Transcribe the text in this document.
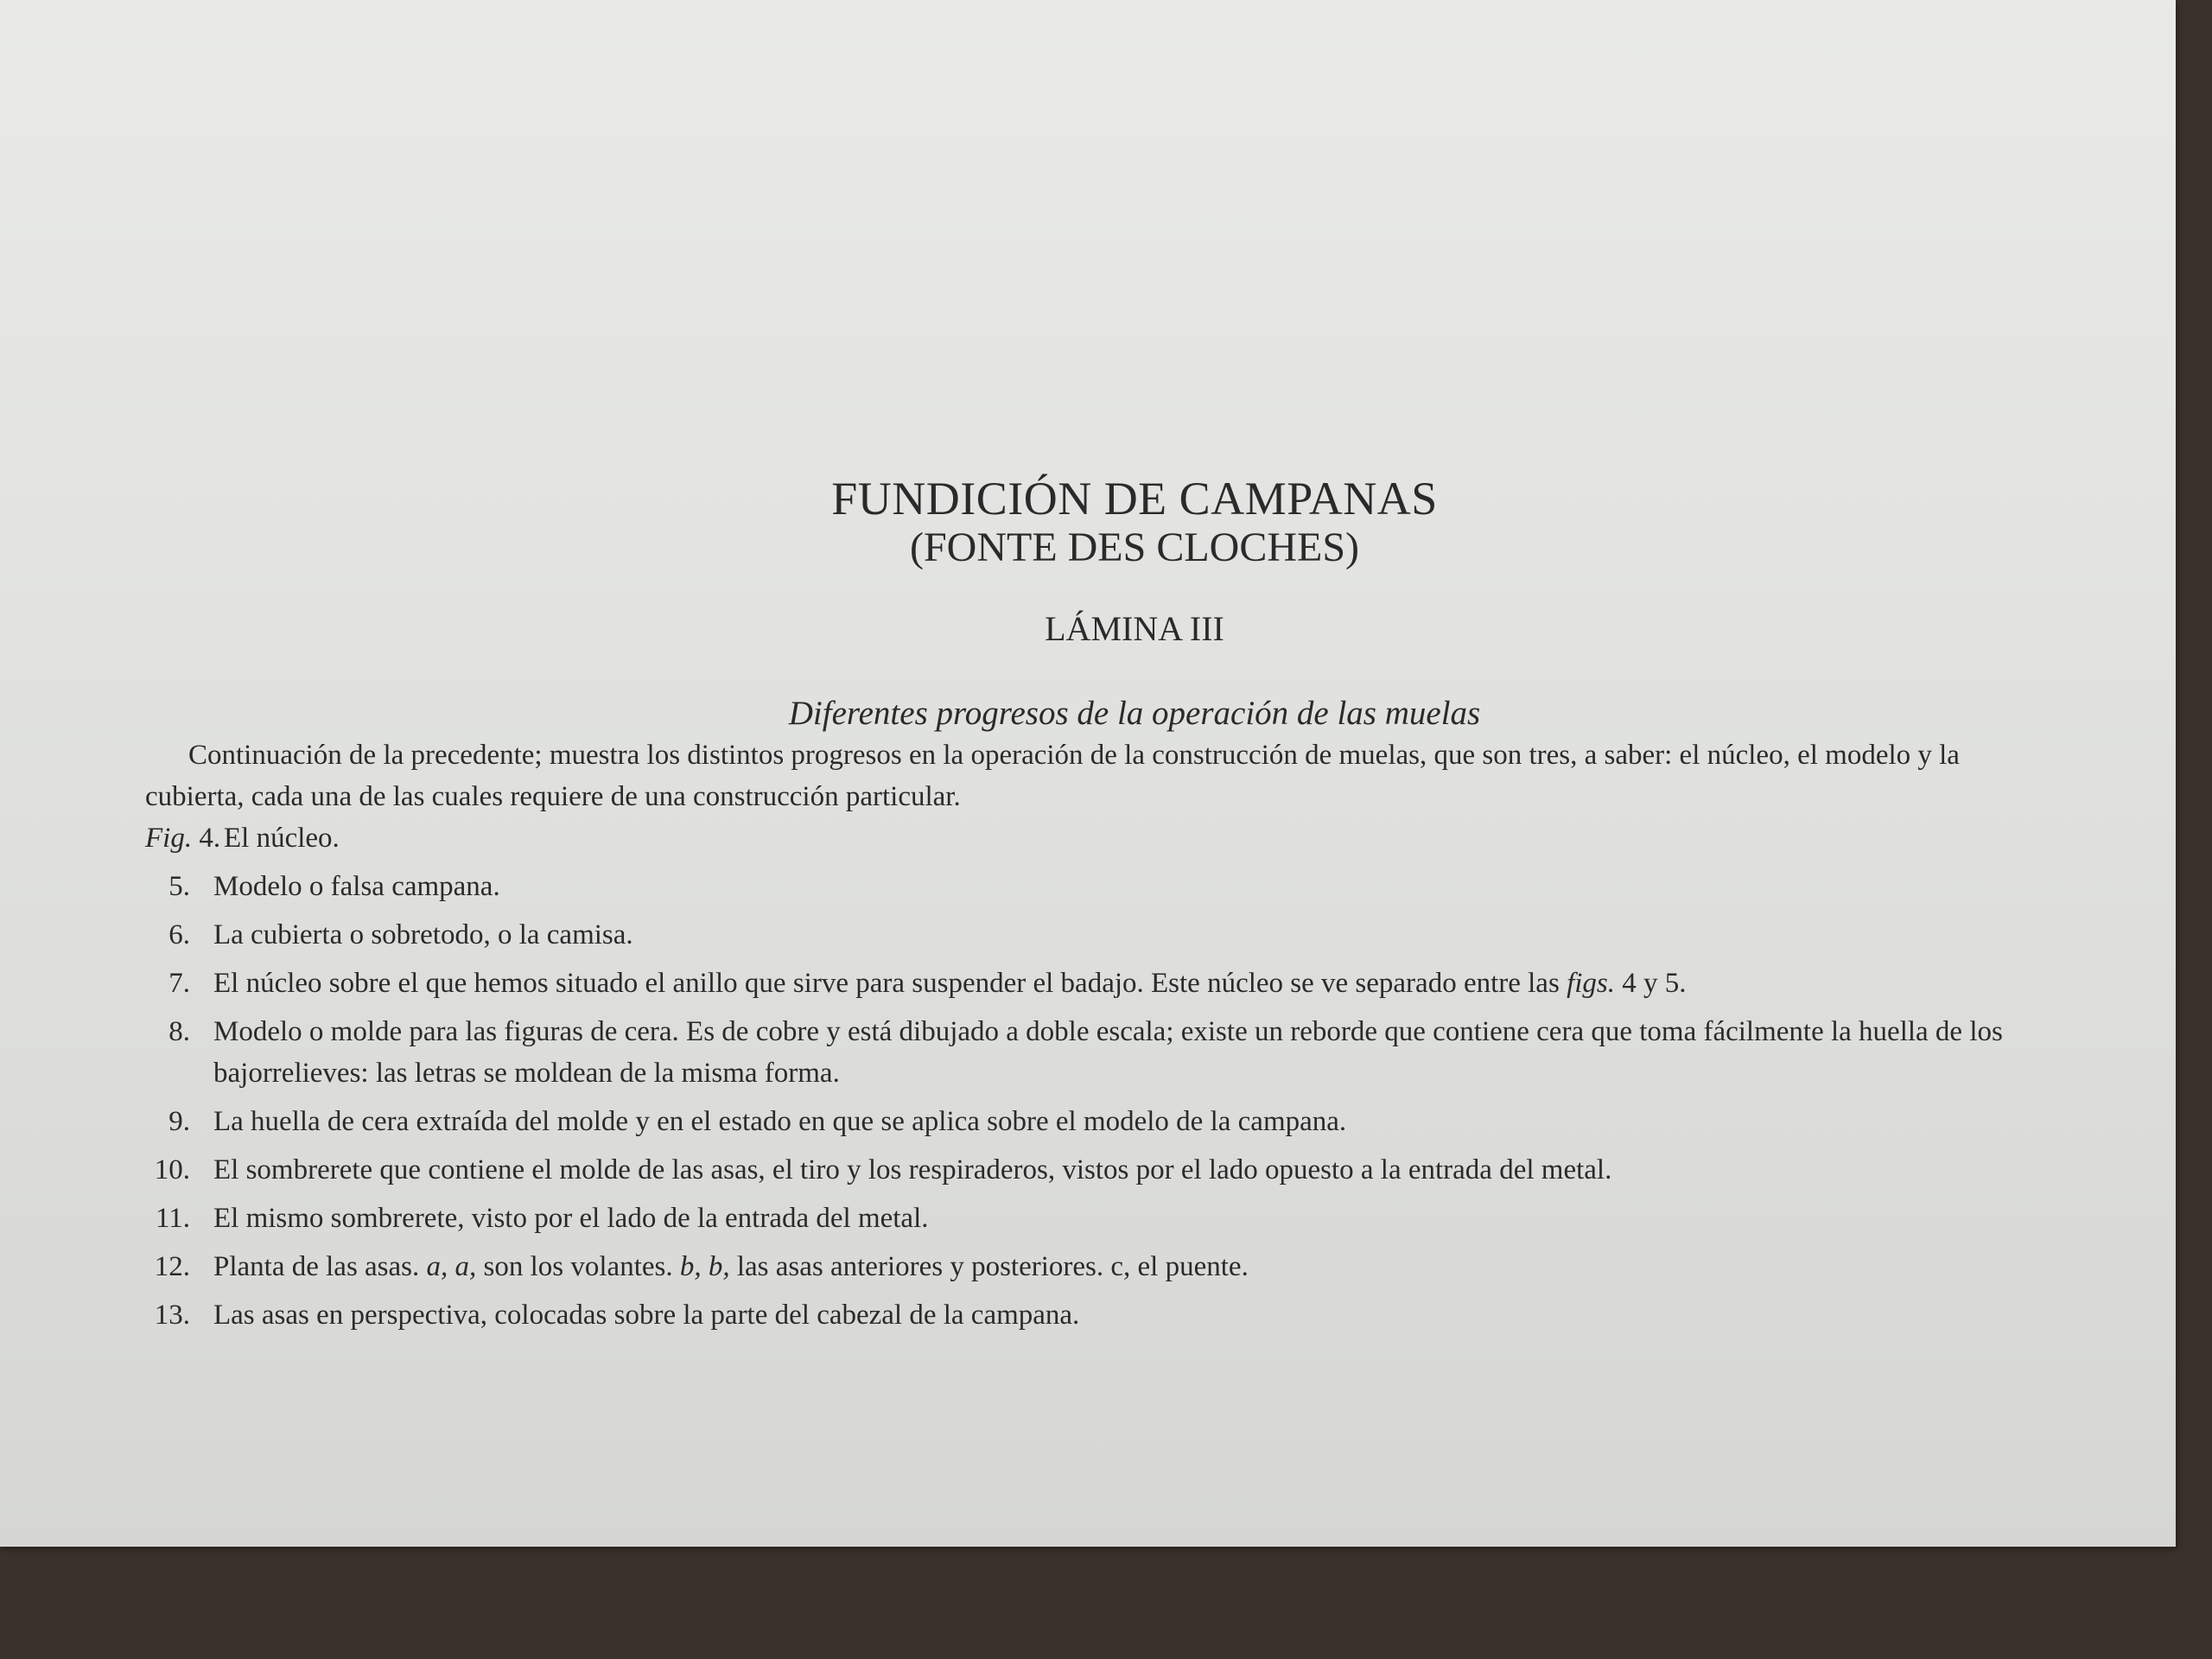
FUNDICIÓN DE CAMPANAS
(FONTE DES CLOCHES)
LÁMINA III

Diferentes progresos de la operación de las muelas

Continuación de la precedente; muestra los distintos progresos en la operación de la construcción de muelas, que son tres, a saber: el núcleo, el modelo y la cubierta, cada una de las cuales requiere de una construcción particular.

Fig. 4. El núcleo.
5. Modelo o falsa campana.
6. La cubierta o sobretodo, o la camisa.
7. El núcleo sobre el que hemos situado el anillo que sirve para suspender el badajo. Este núcleo se ve separado entre las figs. 4 y 5.
8. Modelo o molde para las figuras de cera. Es de cobre y está dibujado a doble escala; existe un reborde que contiene cera que toma fácilmente la huella de los bajorrelieves: las letras se moldean de la misma forma.
9. La huella de cera extraída del molde y en el estado en que se aplica sobre el modelo de la campana.
10. El sombrerete que contiene el molde de las asas, el tiro y los respiraderos, vistos por el lado opuesto a la entrada del metal.
11. El mismo sombrerete, visto por el lado de la entrada del metal.
12. Planta de las asas. a, a, son los volantes. b, b, las asas anteriores y posteriores. c, el puente.
13. Las asas en perspectiva, colocadas sobre la parte del cabezal de la campana.
